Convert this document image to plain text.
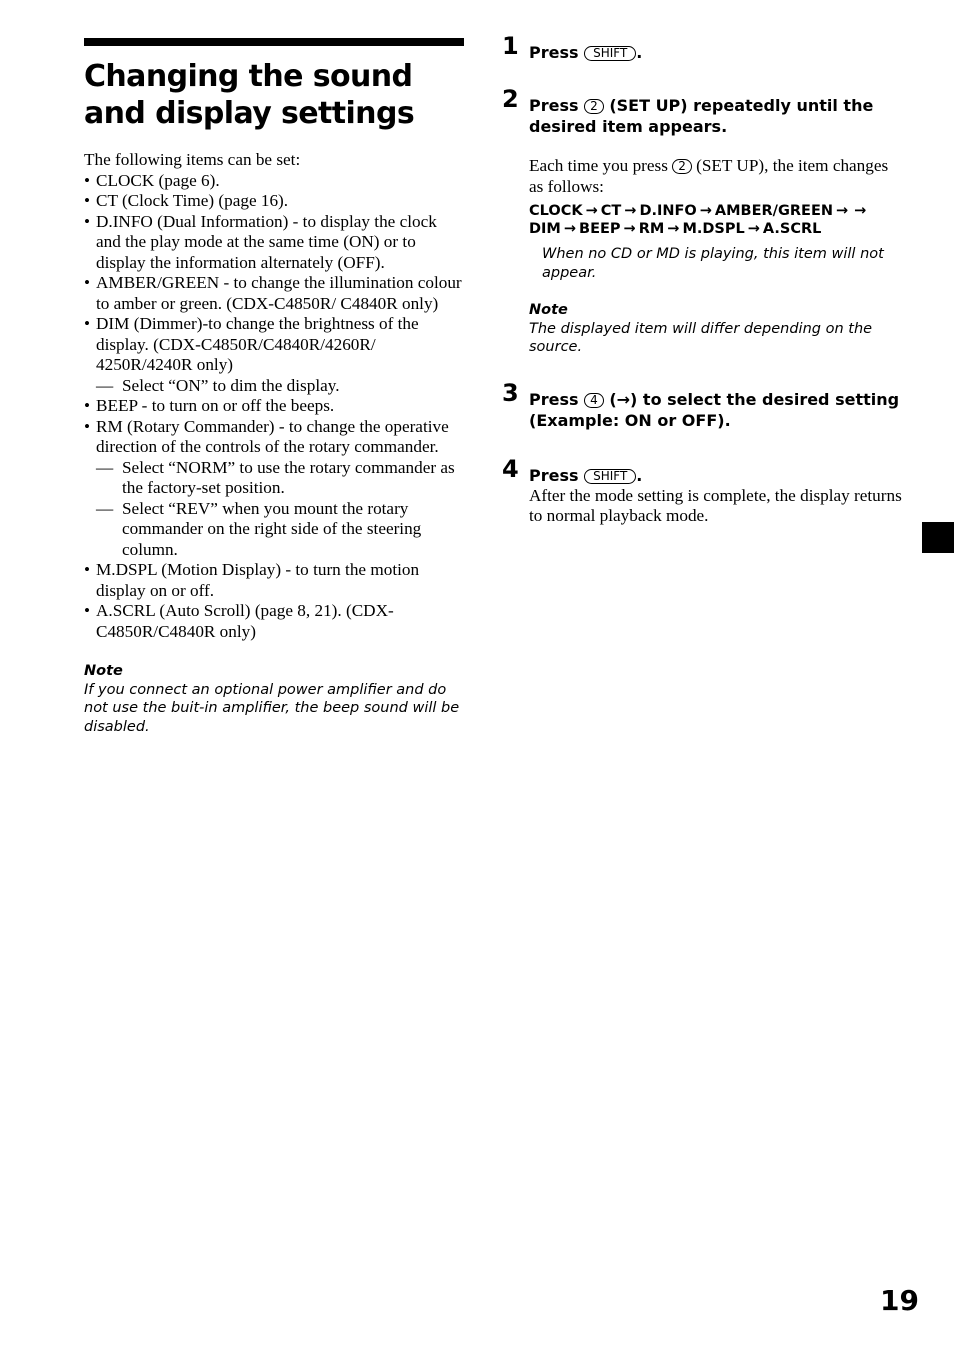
Changing the sound and display settings
The following items can be set:
• CLOCK (page 6).
• CT (Clock Time) (page 16).
• D.INFO (Dual Information) - to display the clock and the play mode at the same time (ON) or to display the information alternately (OFF).
• AMBER/GREEN - to change the illumination colour to amber or green. (CDX-C4850R/ C4840R only)
• DIM (Dimmer)-to change the brightness of the display. (CDX-C4850R/C4840R/4260R/ 4250R/4240R only)
— Select “ON” to dim the display.
• BEEP - to turn on or off the beeps.
• RM (Rotary Commander) - to change the operative direction of the controls of the rotary commander.
— Select “NORM” to use the rotary commander as the factory-set position.
— Select “REV” when you mount the rotary commander on the right side of the steering column.
• M.DSPL (Motion Display) - to turn the motion display on or off.
• A.SCRL (Auto Scroll) (page 8, 21). (CDX-C4850R/C4840R only)
Note
If you connect an optional power amplifier and do not use the buit-in amplifier, the beep sound will be disabled.
1 Press SHIFT .
2 Press 2 (SET UP) repeatedly until the desired item appears.
Each time you press 2 (SET UP), the item changes as follows:
CLOCK → CT → D.INFO → AMBER/GREEN → →
DIM → BEEP → RM → M.DSPL → A.SCRL
When no CD or MD is playing, this item will not appear.
Note
The displayed item will differ depending on the source.
3 Press 4 (→) to select the desired setting (Example: ON or OFF).
4 Press SHIFT .
After the mode setting is complete, the display returns to normal playback mode.
19
